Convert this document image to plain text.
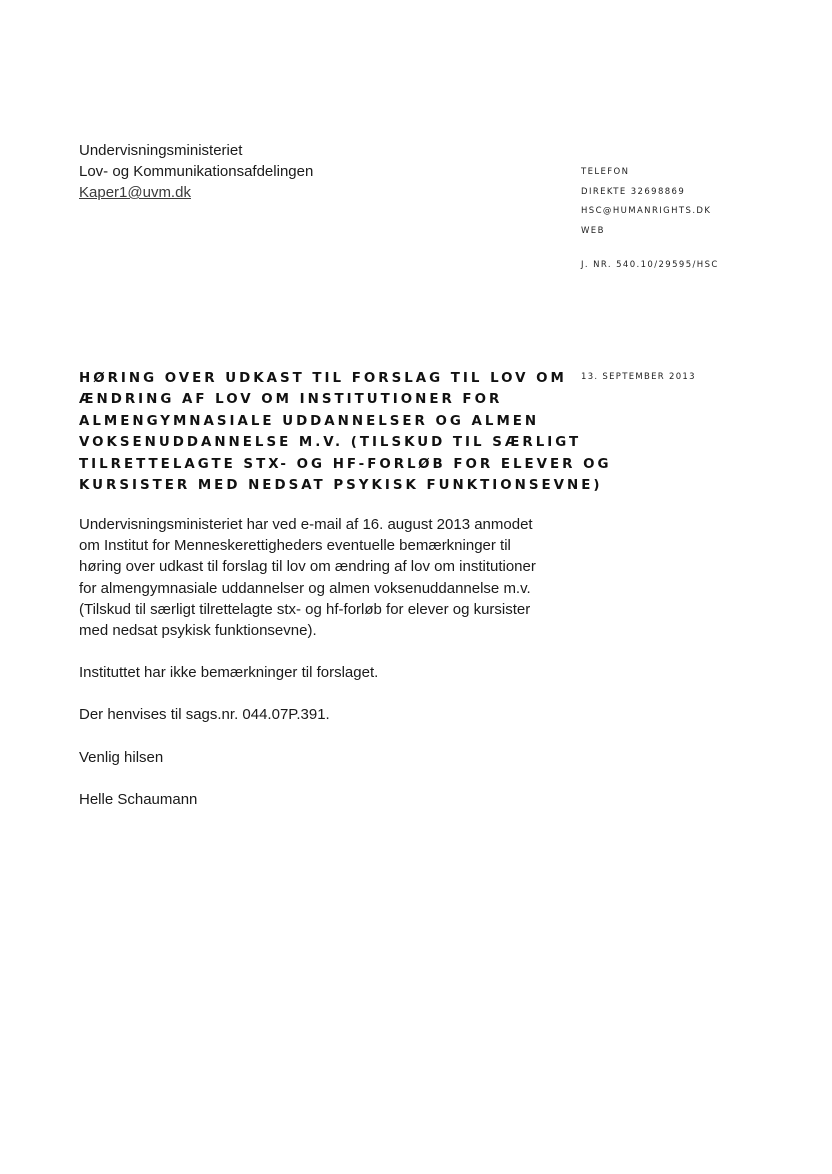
Undervisningsministeriet
Lov- og Kommunikationsafdelingen
Kaper1@uvm.dk
TELEFON
DIREKTE 32698869
HSC@HUMANRIGHTS.DK
WEB
J. NR. 540.10/29595/HSC
13. SEPTEMBER 2013
HØRING OVER UDKAST TIL FORSLAG TIL LOV OM
ÆNDRING AF LOV OM INSTITUTIONER FOR
ALMENGYMNASIALE UDDANNELSER OG ALMEN
VOKSENUDDANNELSE M.V. (TILSKUD TIL SÆRLIGT
TILRETTELAGTE STX- OG HF-FORLØB FOR ELEVER OG
KURSISTER MED NEDSAT PSYKISK FUNKTIONSEVNE)
Undervisningsministeriet har ved e-mail af 16. august 2013 anmodet
om Institut for Menneskerettigheders eventuelle bemærkninger til
høring over udkast til forslag til lov om ændring af lov om institutioner
for almengymnasiale uddannelser og almen voksenuddannelse m.v.
(Tilskud til særligt tilrettelagte stx- og hf-forløb for elever og kursister
med nedsat psykisk funktionsevne).
Instituttet har ikke bemærkninger til forslaget.
Der henvises til sags.nr. 044.07P.391.
Venlig hilsen
Helle Schaumann
